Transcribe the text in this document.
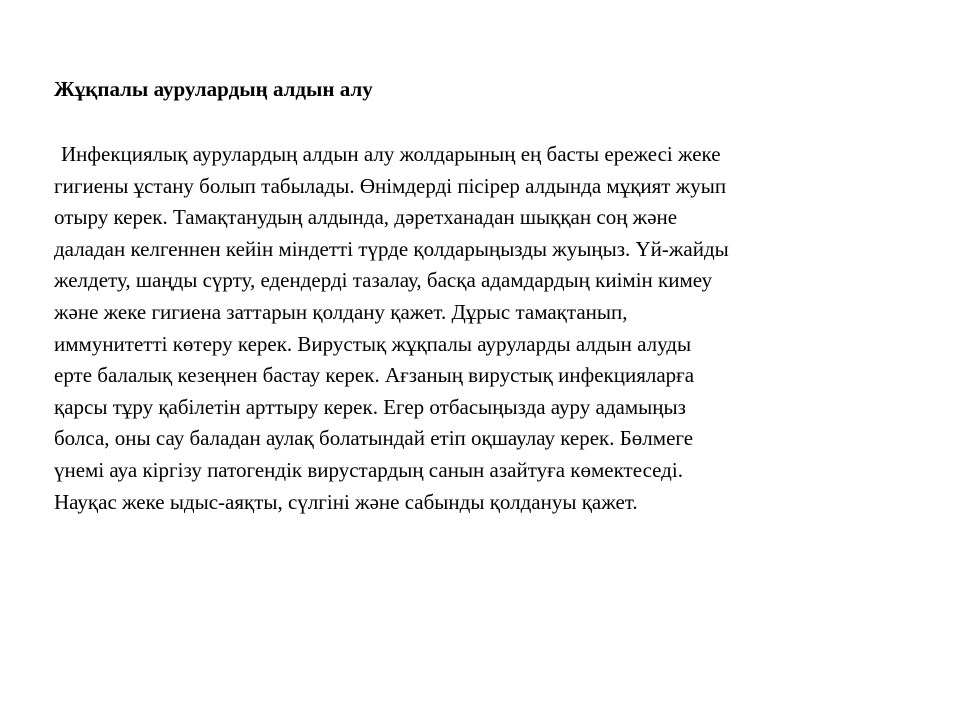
Жұқпалы аурулардың алдын алу
Инфекциялық аурулардың алдын алу жолдарының ең басты ережесі жеке
гигиены ұстану болып табылады. Өнімдерді пісірер алдында мұқият жуып
отыру керек. Тамақтанудың алдында, дəретханадан шыққан соң жəне
даладан келгеннен кейін міндетті түрде қолдарыңызды жуыңыз. Үй-жайды
желдету, шаңды сүрту, едендерді тазалау, басқа адамдардың киімін кимеу
жəне жеке гигиена заттарын қолдану қажет. Дұрыс тамақтанып,
иммунитетті көтеру керек. Вирустық жұқпалы ауруларды алдын алуды
ерте балалық кезеңнен бастау керек. Ағзаның вирустық инфекцияларға
қарсы тұру қабілетін арттыру керек. Егер отбасыңызда ауру адамыңыз
болса, оны сау баладан аулақ болатындай етіп оқшаулау керек. Бөлмеге
үнемі ауа кіргізу патогендік вирустардың санын азайтуға көмектеседі.
Науқас жеке ыдыс-аяқты, сүлгіні жəне сабынды қолдануы қажет.
